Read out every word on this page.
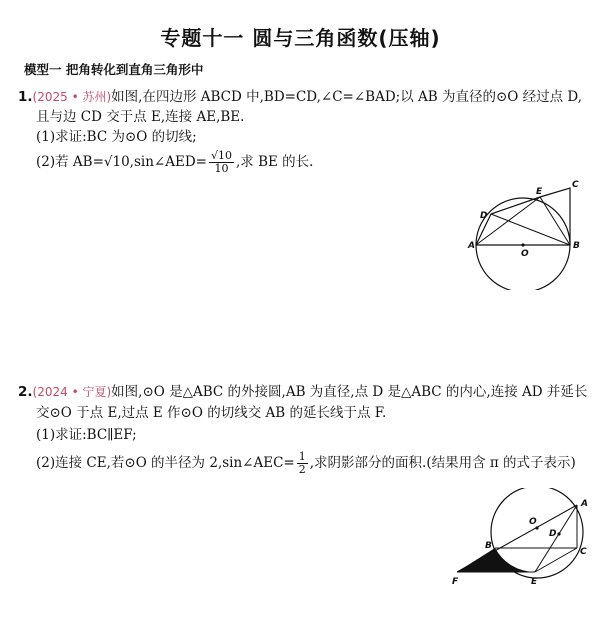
专题十一 圆与三角函数(压轴)
模型一 把角转化到直角三角形中
1.(2025 • 苏州)如图,在四边形 ABCD 中,BD=CD,∠C=∠BAD;以 AB 为直径的⊙O 经过点 D,
且与边 CD 交于点 E,连接 AE,BE.
(1)求证:BC 为⊙O 的切线;
(2)若 AB=√10,sin∠AED= $\frac{√10}{10}$ ,求 BE 的长.
C
E
D
A
O
B
2.(2024 • 宁夏)如图,⊙O 是△ABC 的外接圆,AB 为直径,点 D 是△ABC 的内心,连接 AD 并延长
交⊙O 于点 E,过点 E 作⊙O 的切线交 AB 的延长线于点 F.
(1)求证:BC∥EF;
(2)连接 CE,若⊙O 的半径为 2,sin∠AEC= $\frac{1}{2}$ ,求阴影部分的面积.(结果用含 π 的式子表示)
A
O
D
B
C
F	E
